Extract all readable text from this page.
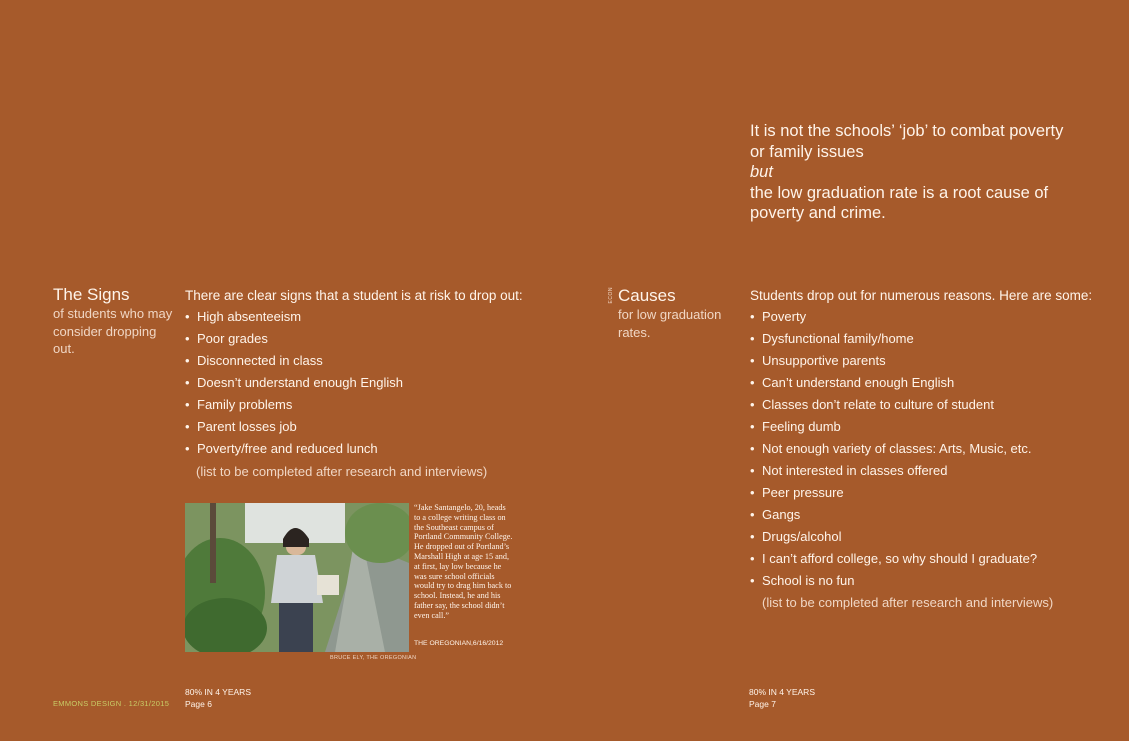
It is not the schools’ ‘job’ to combat poverty
or family issues
but
the low graduation rate is a root cause of
poverty and crime.
The Signs
of students who may
consider dropping
out.
There are clear signs that a student is at risk to drop out:
• High absenteeism
• Poor grades
• Disconnected in class
• Doesn’t understand enough English
• Family problems
• Parent losses job
• Poverty/free and reduced lunch
(list to be completed after research and interviews)
BRUCE ELY, THE OREGONIAN
“Jake Santangelo, 20, heads to a college writing class on the Southeast campus of Portland Community College. He dropped out of Portland’s Marshall High at age 15 and, at first, lay low because he was sure school officials would try to drag him back to school. Instead, he and his father say, the school didn’t even call.”
THE OREGONIAN,6/16/2012
80% IN 4 YEARS
Page 6
EMMONS DESIGN . 12/31/2015
ECON Causes
for low graduation
rates.
Students drop out for numerous reasons. Here are some:
• Poverty
• Dysfunctional family/home
• Unsupportive parents
• Can’t understand enough English
• Classes don’t relate to culture of student
• Feeling dumb
• Not enough variety of classes: Arts, Music, etc.
• Not interested in classes offered
• Peer pressure
• Gangs
• Drugs/alcohol
• I can’t afford college, so why should I graduate?
• School is no fun
(list to be completed after research and interviews)
80% IN 4 YEARS
Page 7
